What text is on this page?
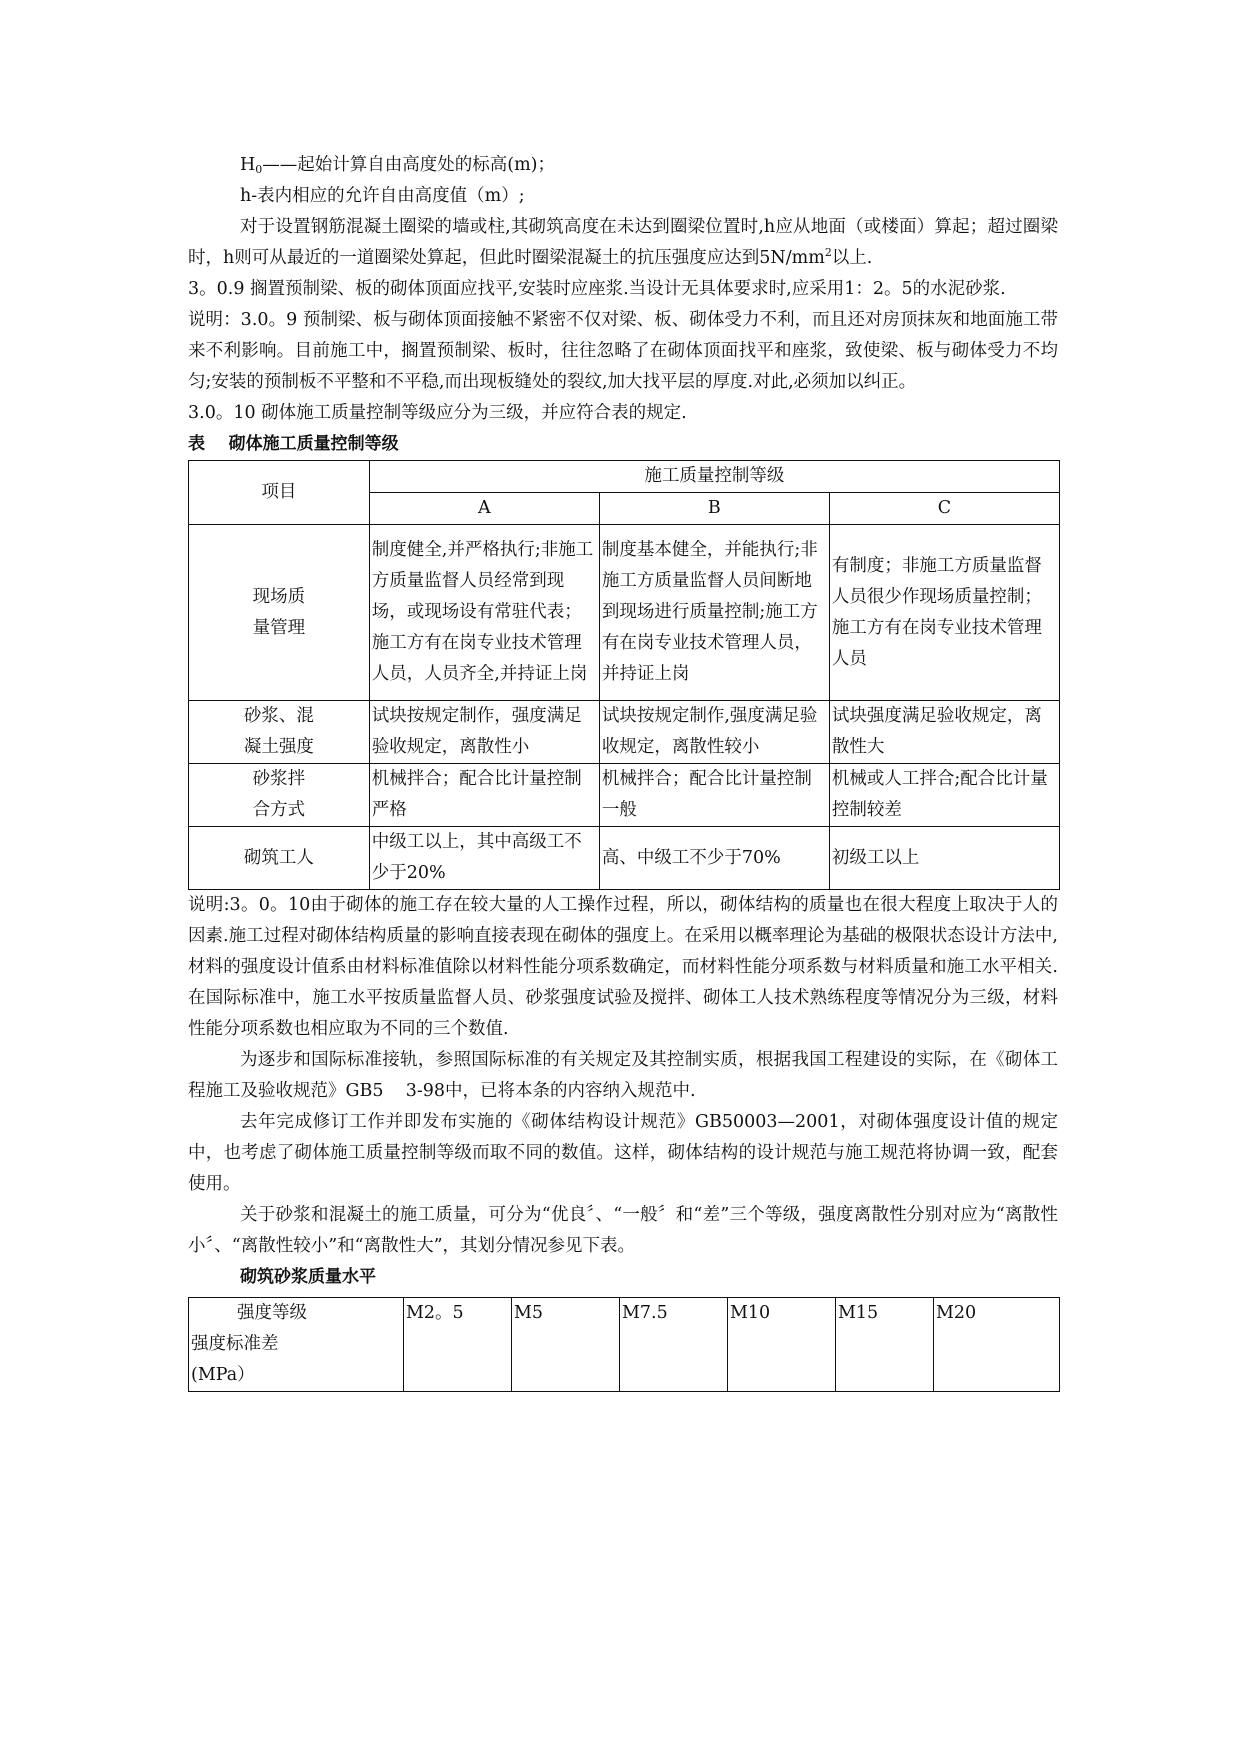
$H_0——$起始计算自由高度处的标高(m)；

h-表内相应的允许自由高度值（m）;

对于设置钢筋混凝土圈梁的墙或柱,其砌筑高度在未达到圈梁位置时,h应从地面（或楼面）算起；超过圈梁时，h则可从最近的一道圈梁处算起，但此时圈梁混凝土的抗压强度应达到$5N/mm^2$以上.

3。0.9 搁置预制梁、板的砌体顶面应找平,安装时应座浆.当设计无具体要求时,应采用1：2。5的水泥砂浆.

说明：3.0。9 预制梁、板与砌体顶面接触不紧密不仅对梁、板、砌体受力不利，而且还对房顶抹灰和地面施工带来不利影响。目前施工中，搁置预制梁、板时，往往忽略了在砌体顶面找平和座浆，致使梁、板与砌体受力不均匀;安装的预制板不平整和不平稳,而出现板缝处的裂纹,加大找平层的厚度.对此,必须加以纠正。

3.0。10 砌体施工质量控制等级应分为三级，并应符合表的规定.

表    砌体施工质量控制等级

项目	施工质量控制等级		
	A	B	C
现场质
量管理	制度健全,并严格执行;非施工方质量监督人员经常到现场，或现场设有常驻代表；施工方有在岗专业技术管理人员，人员齐全,并持证上岗	制度基本健全，并能执行;非施工方质量监督人员间断地到现场进行质量控制;施工方有在岗专业技术管理人员，并持证上岗	有制度；非施工方质量监督人员很少作现场质量控制；施工方有在岗专业技术管理人员
砂浆、混
凝土强度	试块按规定制作，强度满足验收规定，离散性小	试块按规定制作,强度满足验收规定，离散性较小	试块强度满足验收规定，离散性大
砂浆拌
合方式	机械拌合；配合比计量控制严格	机械拌合；配合比计量控制一般	机械或人工拌合;配合比计量控制较差
砌筑工人	中级工以上，其中高级工不少于20%	高、中级工不少于70%	初级工以上

说明:3。0。10由于砌体的施工存在较大量的人工操作过程，所以，砌体结构的质量也在很大程度上取决于人的因素.施工过程对砌体结构质量的影响直接表现在砌体的强度上。在采用以概率理论为基础的极限状态设计方法中,材料的强度设计值系由材料标准值除以材料性能分项系数确定，而材料性能分项系数与材料质量和施工水平相关.在国际标准中，施工水平按质量监督人员、砂浆强度试验及搅拌、砌体工人技术熟练程度等情况分为三级，材料性能分项系数也相应取为不同的三个数值.

为逐步和国际标准接轨，参照国际标准的有关规定及其控制实质，根据我国工程建设的实际，在《砌体工程施工及验收规范》GB5    3-98中，已将本条的内容纳入规范中.

去年完成修订工作并即发布实施的《砌体结构设计规范》GB50003—2001，对砌体强度设计值的规定中，也考虑了砌体施工质量控制等级而取不同的数值。这样，砌体结构的设计规范与施工规范将协调一致，配套使用。

关于砂浆和混凝土的施工质量，可分为“优良〞、“一般〞和“差”三个等级，强度离散性分别对应为“离散性小〞、“离散性较小”和“离散性大”，其划分情况参见下表。

砌筑砂浆质量水平

强度等级
强度标准差
(MPa）
	M2。5	M5	M7.5	M10	M15	M20
